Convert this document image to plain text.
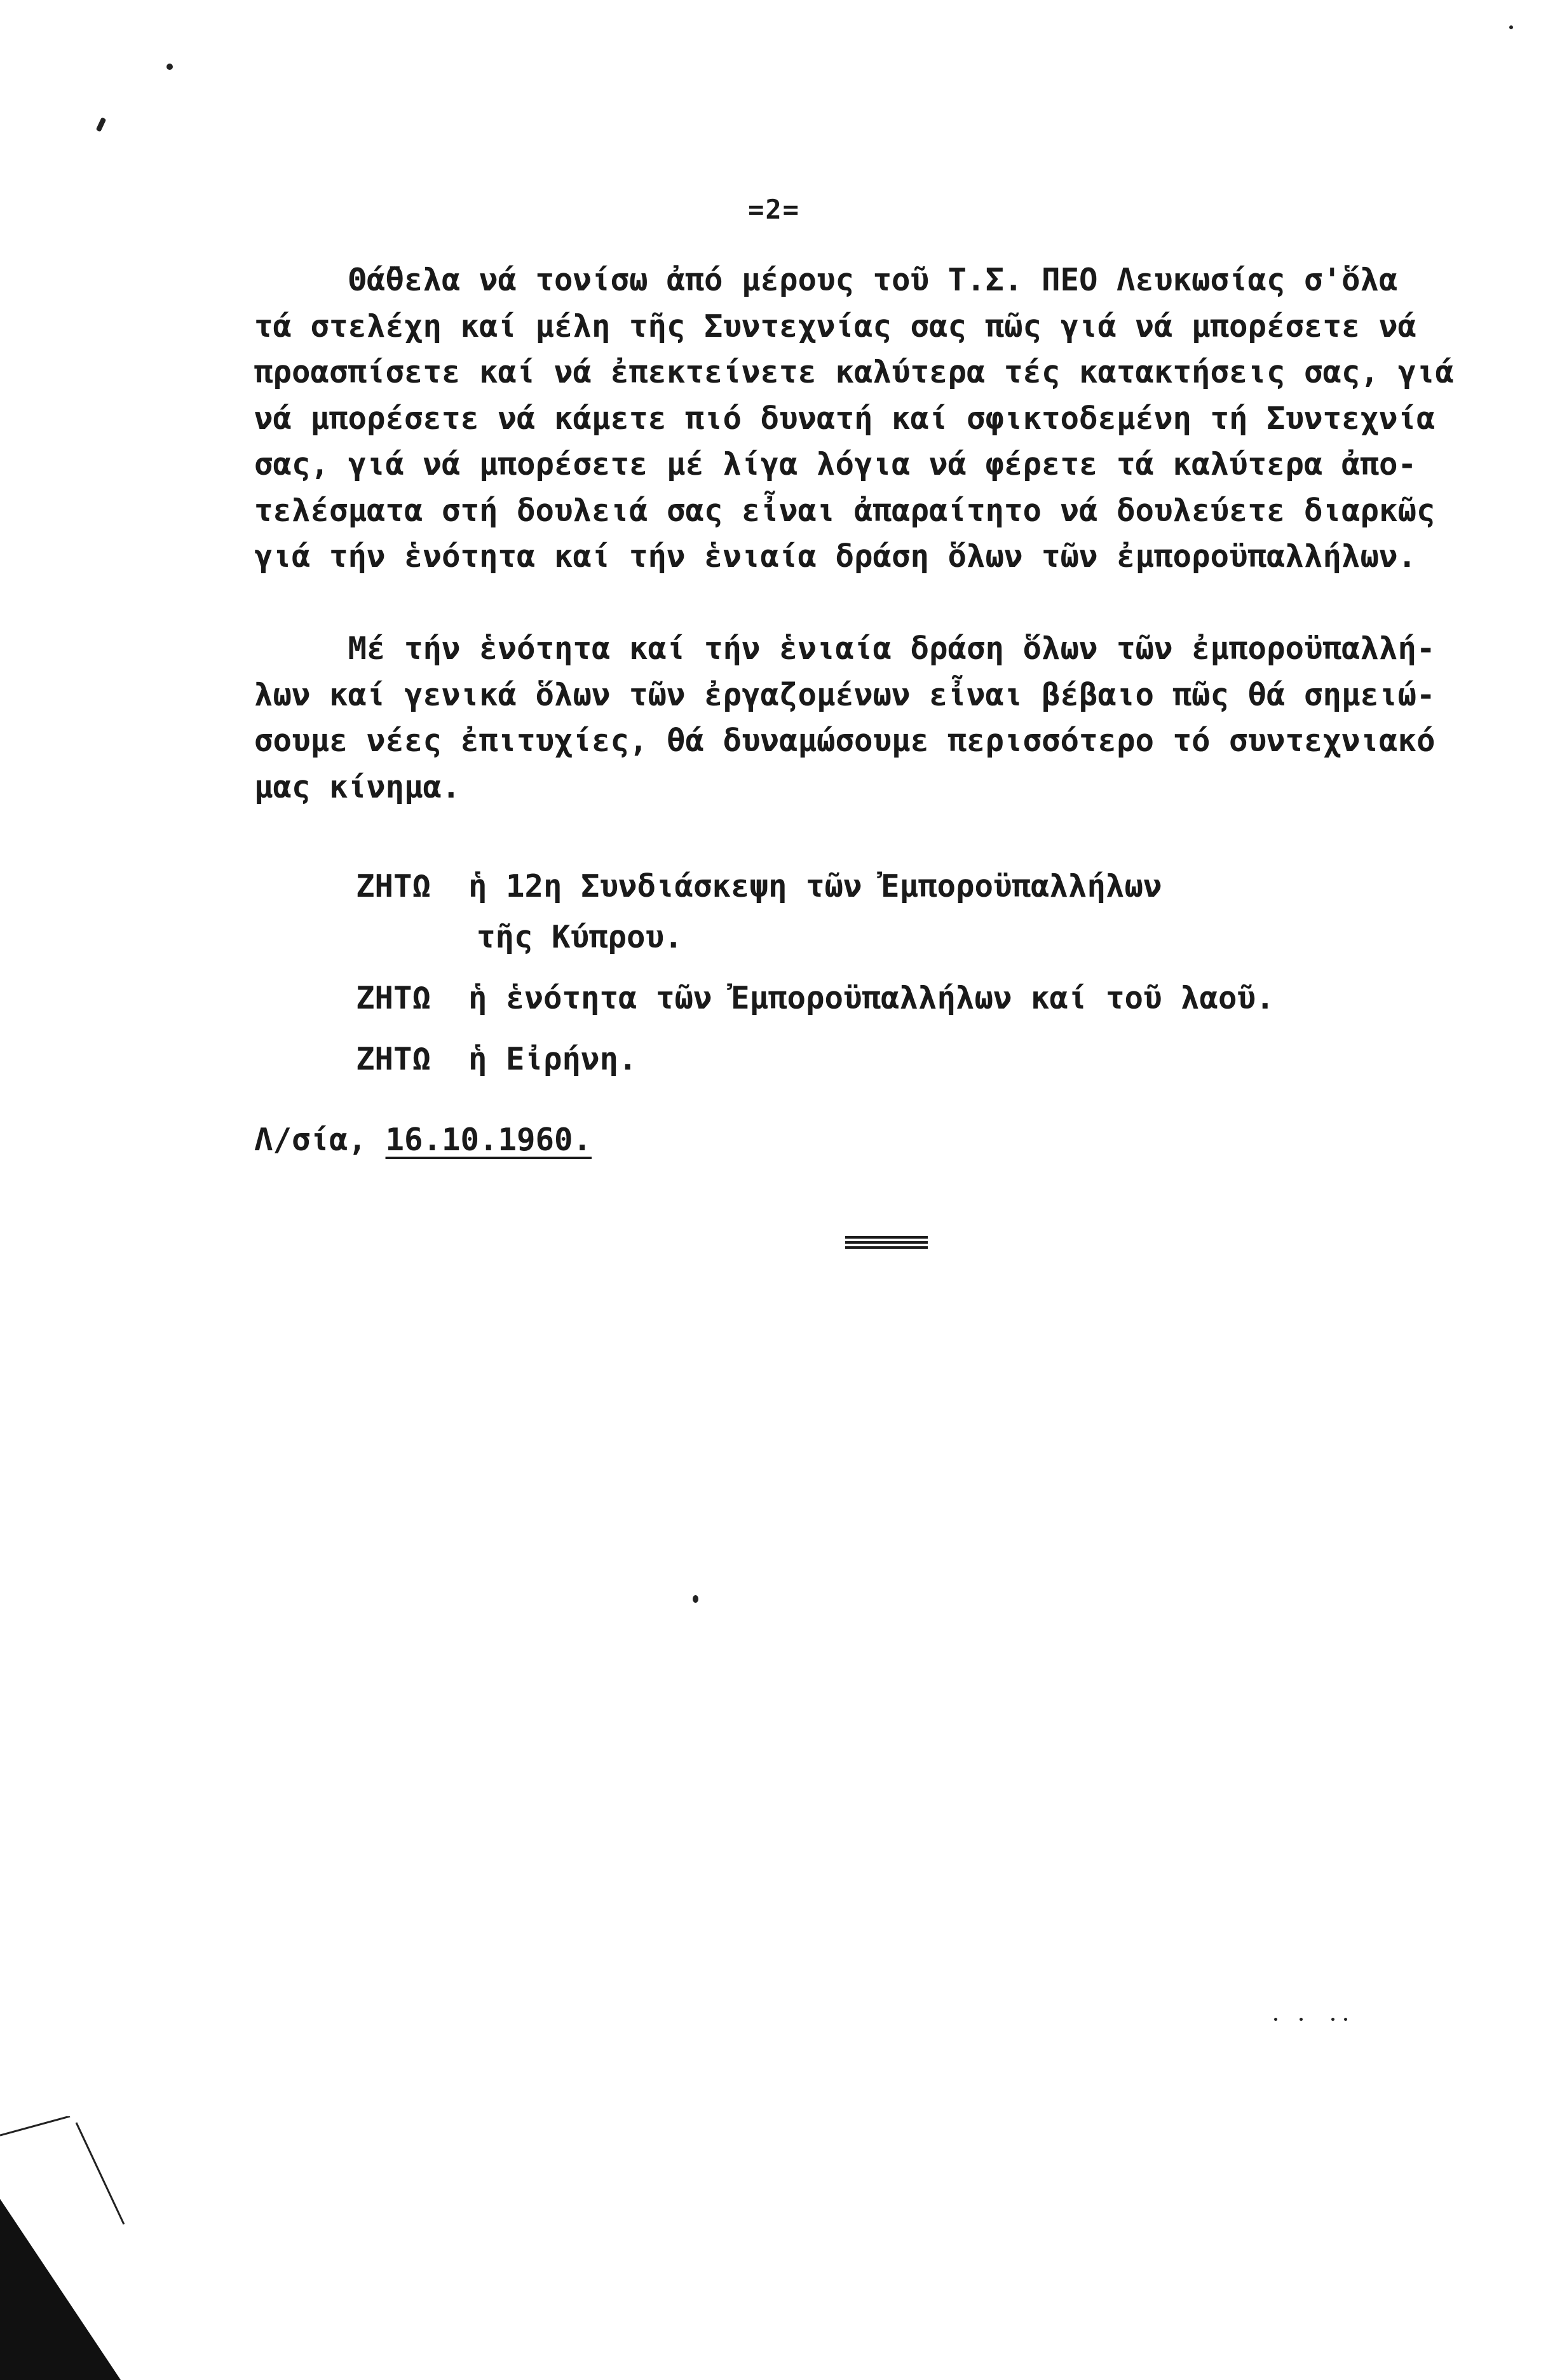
=2=
Θά̈θελα νά τονίσω ἀπό μέρους τοῦ Τ.Σ. ΠΕΟ Λευκωσίας σ'ὅλα
τά στελέχη καί μέλη τῆς Συντεχνίας σας πῶς γιά νά μπορέσετε νά
προασπίσετε καί νά ἐπεκτείνετε καλύτερα τές κατακτήσεις σας, γιά
νά μπορέσετε νά κάμετε πιό δυνατή καί σφικτοδεμένη τή Συντεχνία
σας, γιά νά μπορέσετε μέ λίγα λόγια νά φέρετε τά καλύτερα ἀπο-
τελέσματα στή δουλειά σας εἶναι ἀπαραίτητο νά δουλεύετε διαρκῶς
γιά τήν ἑνότητα καί τήν ἑνιαία δράση ὅλων τῶν ἐμποροϋπαλλήλων.
Μέ τήν ἑνότητα καί τήν ἑνιαία δράση ὅλων τῶν ἐμποροϋπαλλή-
λων καί γενικά ὅλων τῶν ἐργαζομένων εἶναι βέβαιο πῶς θά σημειώ-
σουμε νέες ἐπιτυχίες, θά δυναμώσουμε περισσότερο τό συντεχνιακό
μας κίνημα.
ΖΗΤΩ  ἡ 12η Συνδιάσκεψη τῶν Ἐμποροϋπαλλήλων
τῆς Κύπρου.
ΖΗΤΩ  ἡ ἑνότητα τῶν Ἐμποροϋπαλλήλων καί τοῦ λαοῦ.
ΖΗΤΩ  ἡ Εἰρήνη.
Λ/σία, 16.10.1960.
